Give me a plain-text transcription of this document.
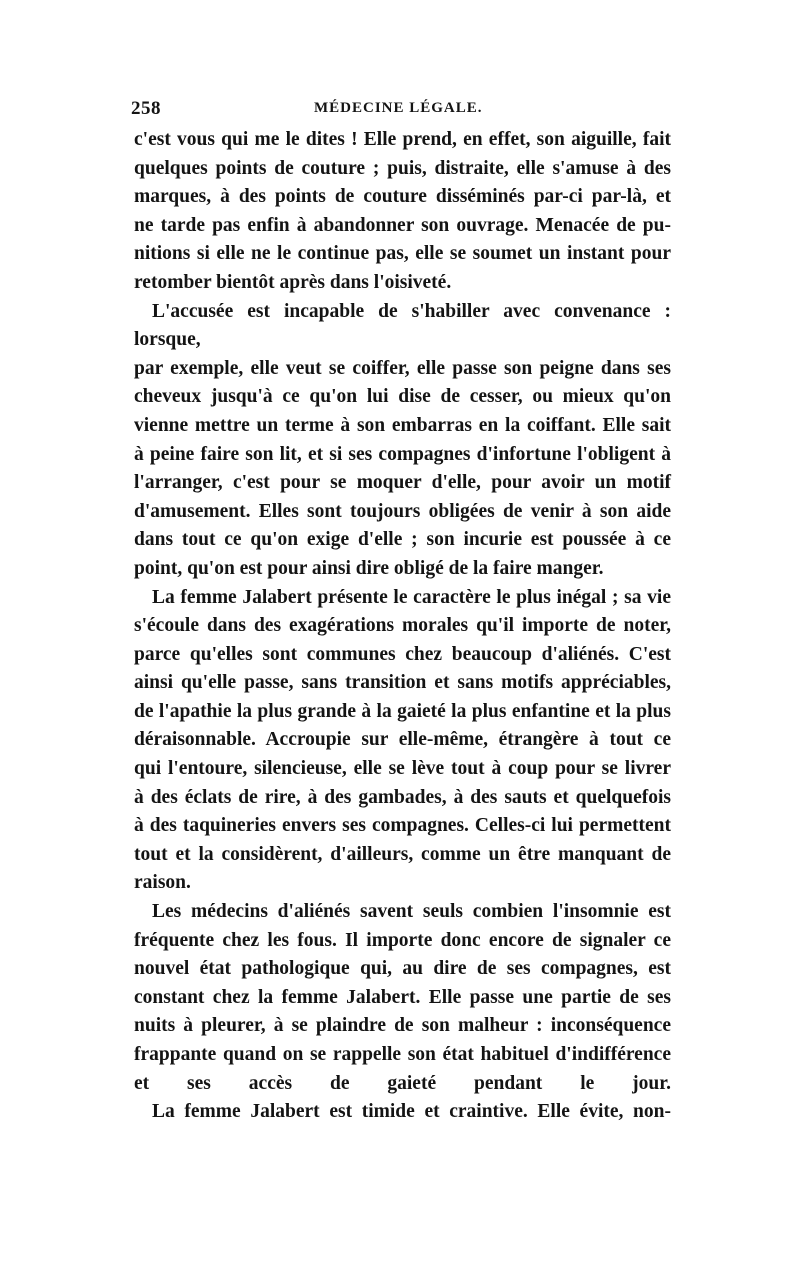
258	MÉDECINE LÉGALE.

c'est vous qui me le dites ! Elle prend, en effet, son aiguille, fait
quelques points de couture ; puis, distraite, elle s'amuse à des
marques, à des points de couture disséminés par-ci par-là, et
ne tarde pas enfin à abandonner son ouvrage. Menacée de pu-
nitions si elle ne le continue pas, elle se soumet un instant pour
retomber bientôt après dans l'oisiveté.

L'accusée est incapable de s'habiller avec convenance : lorsque,
par exemple, elle veut se coiffer, elle passe son peigne dans ses
cheveux jusqu'à ce qu'on lui dise de cesser, ou mieux qu'on
vienne mettre un terme à son embarras en la coiffant. Elle sait
à peine faire son lit, et si ses compagnes d'infortune l'obligent à
l'arranger, c'est pour se moquer d'elle, pour avoir un motif
d'amusement. Elles sont toujours obligées de venir à son aide
dans tout ce qu'on exige d'elle ; son incurie est poussée à ce
point, qu'on est pour ainsi dire obligé de la faire manger.

La femme Jalabert présente le caractère le plus inégal ; sa vie
s'écoule dans des exagérations morales qu'il importe de noter,
parce qu'elles sont communes chez beaucoup d'aliénés. C'est
ainsi qu'elle passe, sans transition et sans motifs appréciables,
de l'apathie la plus grande à la gaieté la plus enfantine et la plus
déraisonnable. Accroupie sur elle-même, étrangère à tout ce
qui l'entoure, silencieuse, elle se lève tout à coup pour se livrer
à des éclats de rire, à des gambades, à des sauts et quelquefois
à des taquineries envers ses compagnes. Celles-ci lui permettent
tout et la considèrent, d'ailleurs, comme un être manquant de
raison.

Les médecins d'aliénés savent seuls combien l'insomnie est
fréquente chez les fous. Il importe donc encore de signaler ce
nouvel état pathologique qui, au dire de ses compagnes, est
constant chez la femme Jalabert. Elle passe une partie de ses
nuits à pleurer, à se plaindre de son malheur : inconséquence
frappante quand on se rappelle son état habituel d'indifférence
et ses accès de gaieté pendant le jour.

La femme Jalabert est timide et craintive. Elle évite, non-
